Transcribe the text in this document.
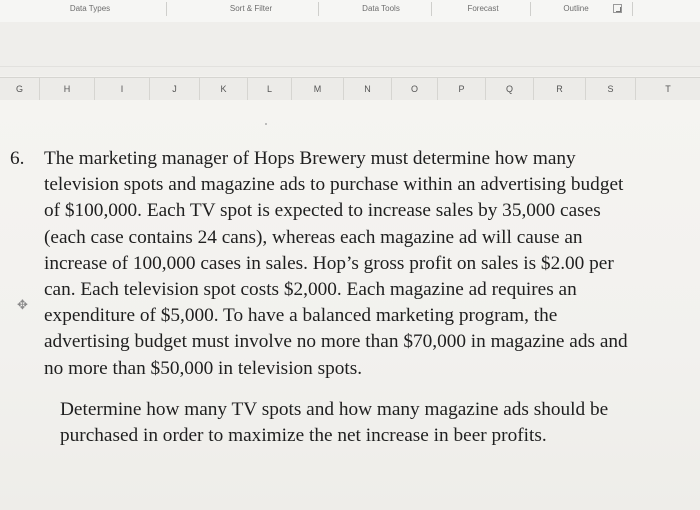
Data Types	Sort & Filter	Data Tools	Forecast	Outline
G	H	I	J	K	L	M	N	O	P	Q	R	S	T
✥
6. The marketing manager of Hops Brewery must determine how many
television spots and magazine ads to purchase within an advertising budget
of $100,000. Each TV spot is expected to increase sales by 35,000 cases
(each case contains 24 cans), whereas each magazine ad will cause an
increase of 100,000 cases in sales. Hop’s gross profit on sales is $2.00 per
can. Each television spot costs $2,000. Each magazine ad requires an
expenditure of $5,000. To have a balanced marketing program, the
advertising budget must involve no more than $70,000 in magazine ads and
no more than $50,000 in television spots.
Determine how many TV spots and how many magazine ads should be
purchased in order to maximize the net increase in beer profits.
